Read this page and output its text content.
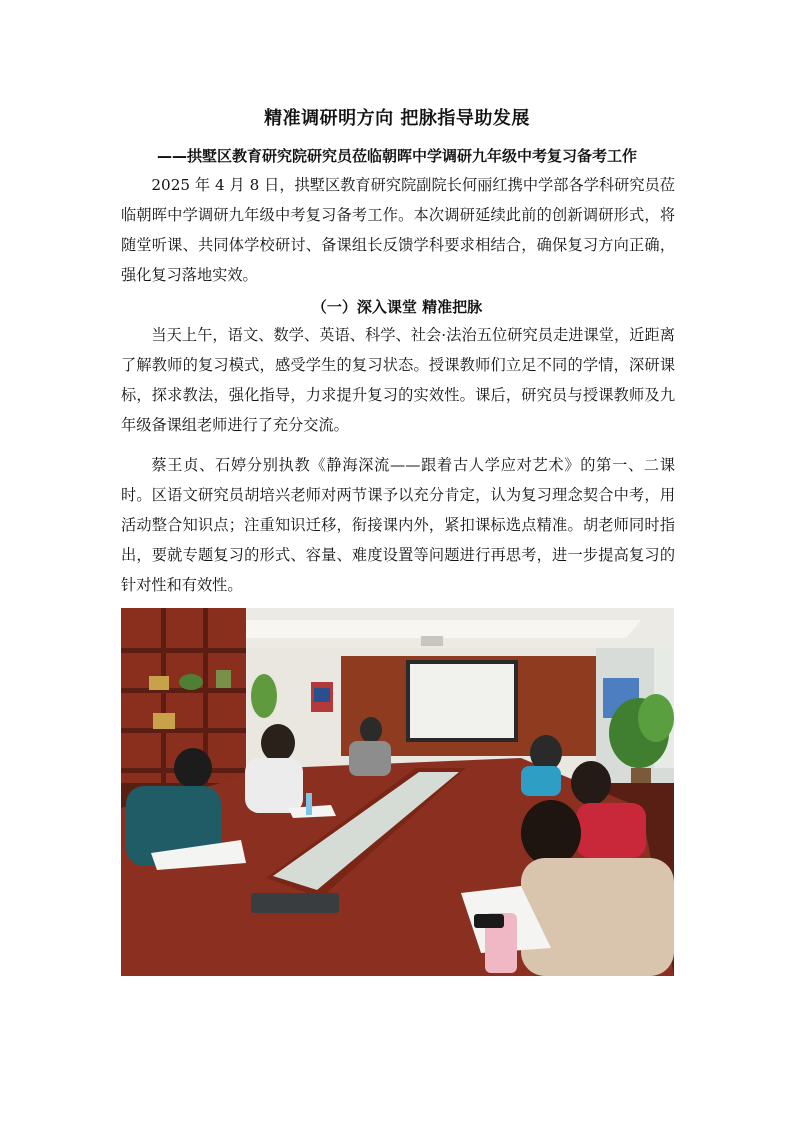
精准调研明方向 把脉指导助发展
——拱墅区教育研究院研究员莅临朝晖中学调研九年级中考复习备考工作

2025 年 4 月 8 日，拱墅区教育研究院副院长何丽红携中学部各学科研究员莅临朝晖中学调研九年级中考复习备考工作。本次调研延续此前的创新调研形式，将随堂听课、共同体学校研讨、备课组长反馈学科要求相结合，确保复习方向正确，强化复习落地实效。

（一）深入课堂 精准把脉

当天上午，语文、数学、英语、科学、社会·法治五位研究员走进课堂，近距离了解教师的复习模式，感受学生的复习状态。授课教师们立足不同的学情，深研课标，探求教法，强化指导，力求提升复习的实效性。课后，研究员与授课教师及九年级备课组老师进行了充分交流。

蔡王贞、石婷分别执教《静海深流——跟着古人学应对艺术》的第一、二课时。区语文研究员胡培兴老师对两节课予以充分肯定，认为复习理念契合中考，用活动整合知识点；注重知识迁移，衔接课内外，紧扣课标选点精准。胡老师同时指出，要就专题复习的形式、容量、难度设置等问题进行再思考，进一步提高复习的针对性和有效性。
